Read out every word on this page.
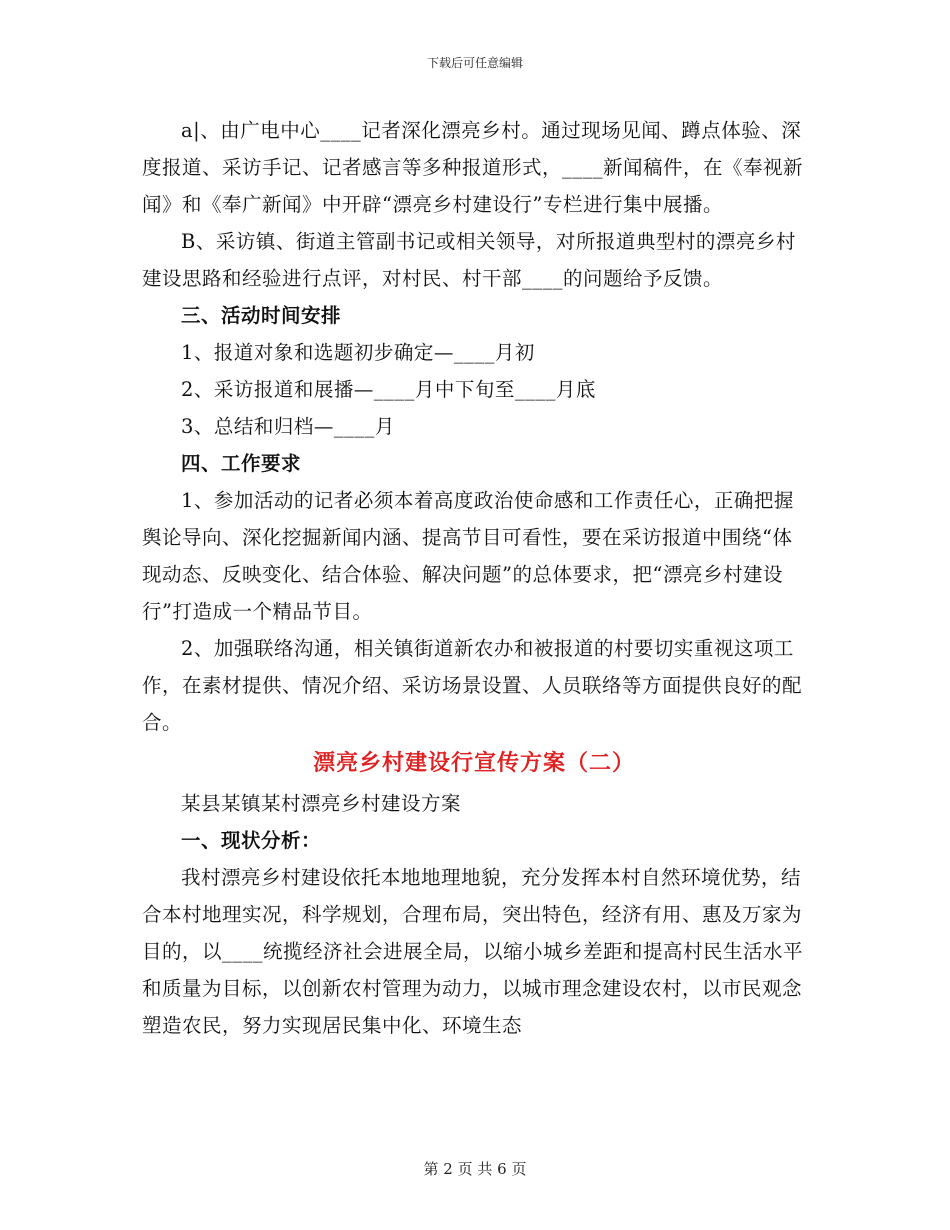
下载后可任意编辑

a|、由广电中心____记者深化漂亮乡村。通过现场见闻、蹲点体验、深度报道、采访手记、记者感言等多种报道形式，____新闻稿件，在《奉视新闻》和《奉广新闻》中开辟“漂亮乡村建设行”专栏进行集中展播。

B、采访镇、街道主管副书记或相关领导，对所报道典型村的漂亮乡村建设思路和经验进行点评，对村民、村干部____的问题给予反馈。

三、活动时间安排

1、报道对象和选题初步确定—____月初

2、采访报道和展播—____月中下旬至____月底

3、总结和归档—____月

四、工作要求

1、参加活动的记者必须本着高度政治使命感和工作责任心，正确把握舆论导向、深化挖掘新闻内涵、提高节目可看性，要在采访报道中围绕“体现动态、反映变化、结合体验、解决问题”的总体要求，把“漂亮乡村建设行”打造成一个精品节目。

2、加强联络沟通，相关镇街道新农办和被报道的村要切实重视这项工作，在素材提供、情况介绍、采访场景设置、人员联络等方面提供良好的配合。

漂亮乡村建设行宣传方案（二）

某县某镇某村漂亮乡村建设方案

一、现状分析：

我村漂亮乡村建设依托本地地理地貌，充分发挥本村自然环境优势，结合本村地理实况，科学规划，合理布局，突出特色，经济有用、惠及万家为目的，以____统揽经济社会进展全局，以缩小城乡差距和提高村民生活水平和质量为目标，以创新农村管理为动力，以城市理念建设农村，以市民观念塑造农民，努力实现居民集中化、环境生态

第 2 页 共 6 页
